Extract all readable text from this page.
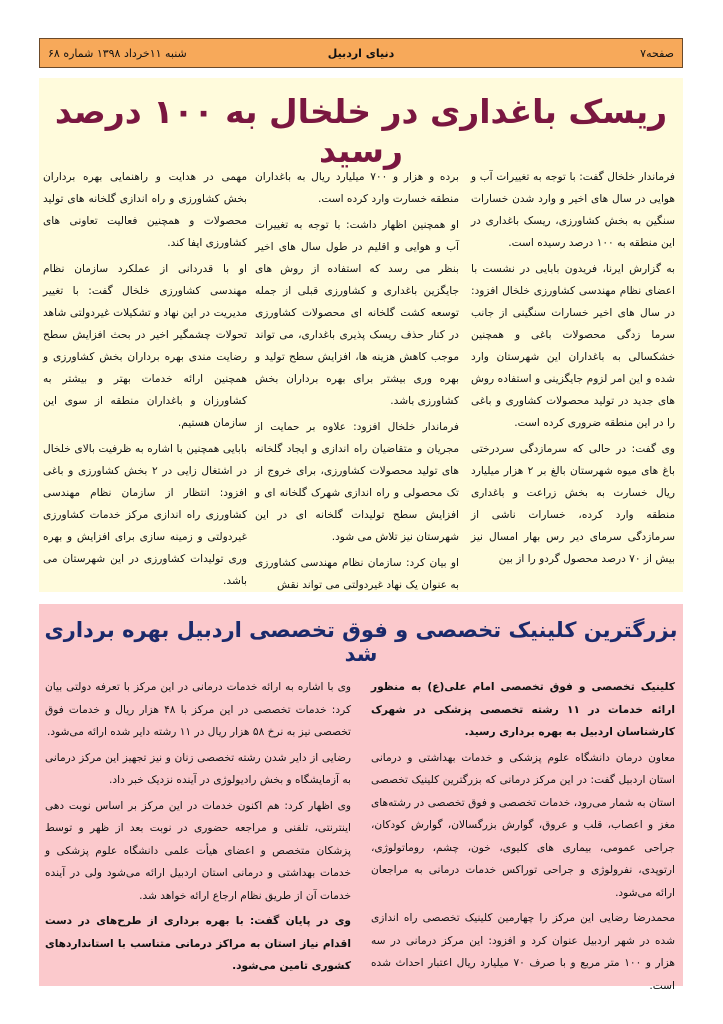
صفحه۷
دنیای اردبیل
شنبه ۱۱خرداد ۱۳۹۸ شماره ۶۸
ریسک باغداری در خلخال به ۱۰۰ درصد رسید

فرماندار خلخال گفت: با توجه به تغییرات آب و هوایی در سال های اخیر و وارد شدن خسارات سنگین به بخش کشاورزی، ریسک باغداری در این منطقه به ۱۰۰ درصد رسیده است.

به گزارش ایرنا، فریدون بابایی در نشست با اعضای نظام مهندسی کشاورزی خلخال افزود: در سال های اخیر خسارات سنگینی از جانب سرما زدگی محصولات باغی و همچنین خشکسالی به باغداران این شهرستان وارد شده و این امر لزوم جایگزینی و استفاده روش های جدید در تولید محصولات کشاوری و باغی را در این منطقه ضروری کرده است.

وی گفت: در حالی که سرمازدگی سردرختی باغ های میوه شهرستان بالغ بر ۲ هزار میلیارد ریال خسارت به بخش زراعت و باغداری منطقه وارد کرده، خسارات ناشی از سرمازدگی سرمای دیر رس بهار امسال نیز بیش از ۷۰ درصد محصول گردو را از بین

برده و هزار و ۷۰۰ میلیارد ریال به باغداران منطقه خسارت وارد کرده است.

او همچنین اظهار داشت: با توجه به تغییرات آب و هوایی و اقلیم در طول سال های اخیر بنظر می رسد که استفاده از روش های جایگزین باغداری و کشاورزی قبلی از جمله توسعه کشت گلخانه ای محصولات کشاورزی در کنار حذف ریسک پذیری باغداری، می تواند موجب کاهش هزینه ها، افزایش سطح تولید و بهره وری بیشتر برای بهره برداران بخش کشاورزی باشد.

فرماندار خلخال افزود: علاوه بر حمایت از مجریان و متقاضیان راه اندازی و ایجاد گلخانه های تولید محصولات کشاورزی، برای خروج از تک محصولی و راه اندازی شهرک گلخانه ای و افزایش سطح تولیدات گلخانه ای در این شهرستان نیز تلاش می شود.

او بیان کرد: سازمان نظام مهندسی کشاورزی به عنوان یک نهاد غیردولتی می تواند نقش

مهمی در هدایت و راهنمایی بهره برداران بخش کشاورزی و راه اندازی گلخانه های تولید محصولات و همچنین فعالیت تعاونی های کشاورزی ایفا کند.

او با قدردانی از عملکرد سازمان نظام مهندسی کشاورزی خلخال گفت: با تغییر مدیریت در این نهاد و تشکیلات غیردولتی شاهد تحولات چشمگیر اخیر در بحث افزایش سطح رضایت مندی بهره برداران بخش کشاورزی و همچنین ارائه خدمات بهتر و بیشتر به کشاورزان و باغداران منطقه از سوی این سازمان هستیم.

بابایی همچنین با اشاره به ظرفیت بالای خلخال در اشتغال زایی در ۲ بخش کشاورزی و باغی افزود: انتظار از سازمان نظام مهندسی کشاورزی راه اندازی مرکز خدمات کشاورزی غیردولتی و زمینه سازی برای افزایش و بهره وری تولیدات کشاورزی در این شهرستان می باشد.

بزرگترین کلینیک تخصصی و فوق تخصصی اردبیل بهره برداری شد

کلینیک تخصصی و فوق تخصصی امام علی(ع) به منظور ارائه خدمات در ۱۱ رشته تخصصی پزشکی در شهرک کارشناسان اردبیل به بهره برداری رسید.

معاون درمان دانشگاه علوم پزشکی و خدمات بهداشتی و درمانی استان اردبیل گفت: در این مرکز درمانی که بزرگترین کلینیک تخصصی استان به شمار می‌رود، خدمات تخصصی و فوق تخصصی در رشته‌های مغز و اعصاب، قلب و عروق، گوارش بزرگسالان، گوارش کودکان، جراحی عمومی، بیماری های کلیوی، خون، چشم، روماتولوژی، ارتوپدی، نفرولوژی و جراحی توراکس خدمات درمانی به مراجعان ارائه می‌شود.

محمدرضا رضایی این مرکز را چهارمین کلینیک تخصصی راه اندازی شده در شهر اردبیل عنوان کرد و افزود: این مرکز درمانی در سه هزار و ۱۰۰ متر مربع و با صرف ۷۰ میلیارد ریال اعتبار احداث شده است.

وی با اشاره به ارائه خدمات درمانی در این مرکز با تعرفه دولتی بیان کرد: خدمات تخصصی در این مرکز با ۴۸ هزار ریال و خدمات فوق تخصصی نیز به نرخ ۵۸ هزار ریال در ۱۱ رشته دایر شده ارائه می‌شود.

رضایی از دایر شدن رشته تخصصی زنان و نیز تجهیز این مرکز درمانی به آزمایشگاه و بخش رادیولوژی در آینده نزدیک خبر داد.

وی اظهار کرد: هم اکنون خدمات در این مرکز بر اساس نوبت دهی اینترنتی، تلفنی و مراجعه حضوری در نوبت بعد از ظهر و توسط پزشکان متخصص و اعضای هیأت علمی دانشگاه علوم پزشکی و خدمات بهداشتی و درمانی استان اردبیل ارائه می‌شود ولی در آینده خدمات آن از طریق نظام ارجاع ارائه خواهد شد.

وی در پایان گفت: با بهره برداری از طرح‌های در دست اقدام نیاز استان به مراکز درمانی متناسب با استانداردهای کشوری تامین می‌شود.
